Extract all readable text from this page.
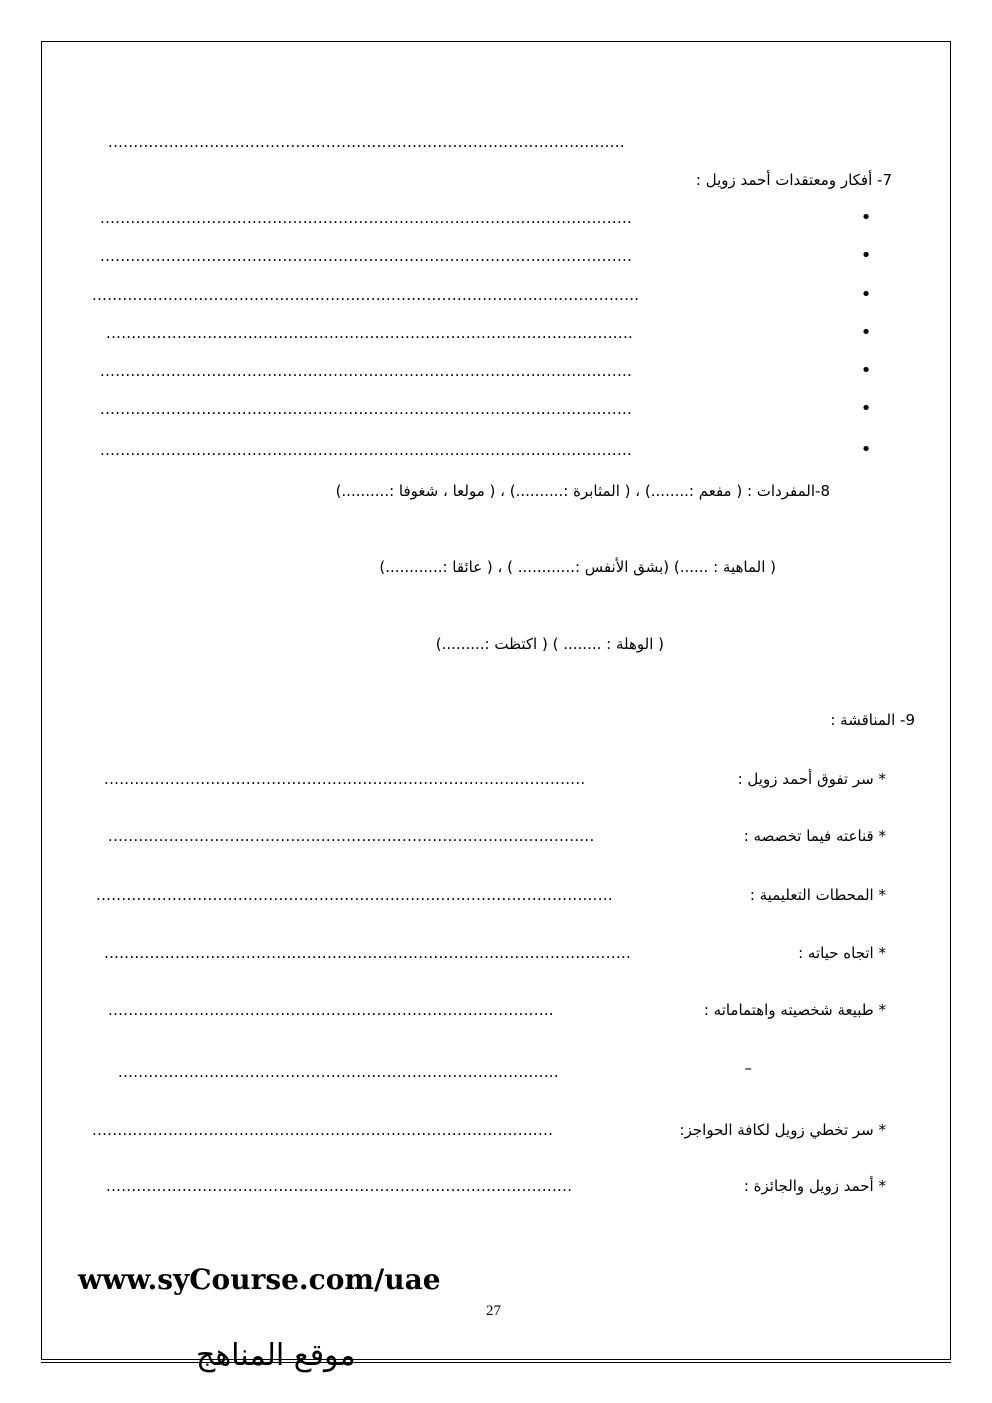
......................................................................................................
7- أفكار ومعتقدات أحمد زويل :
•
.........................................................................................................
•
.........................................................................................................
•
............................................................................................................
•
........................................................................................................
•
.........................................................................................................
•
.........................................................................................................
•
.........................................................................................................
8-المفردات : ( مفعم :........) ، ( المثابرة :..........) ، ( مولعا ، شغوفا :..........)
( الماهية : ......) (بشق الأنفس :............ ) ، ( عائقا :............)
( الوهلة : ........ ) ( اكتظت :.........)
9- المناقشة :
* سر تفوق أحمد زويل :
...............................................................................................
* قناعته فيما تخصصه :
................................................................................................
* المحطات التعليمية :
......................................................................................................
* اتجاه حياته :
........................................................................................................
* طبيعة شخصيته واهتماماته :
........................................................................................
–
.......................................................................................
* سر تخطي زويل لكافة الحواجز:
...........................................................................................
* أحمد زويل والجائزة :
............................................................................................
www.syCourse.com/uae
27
موقع المناهج
